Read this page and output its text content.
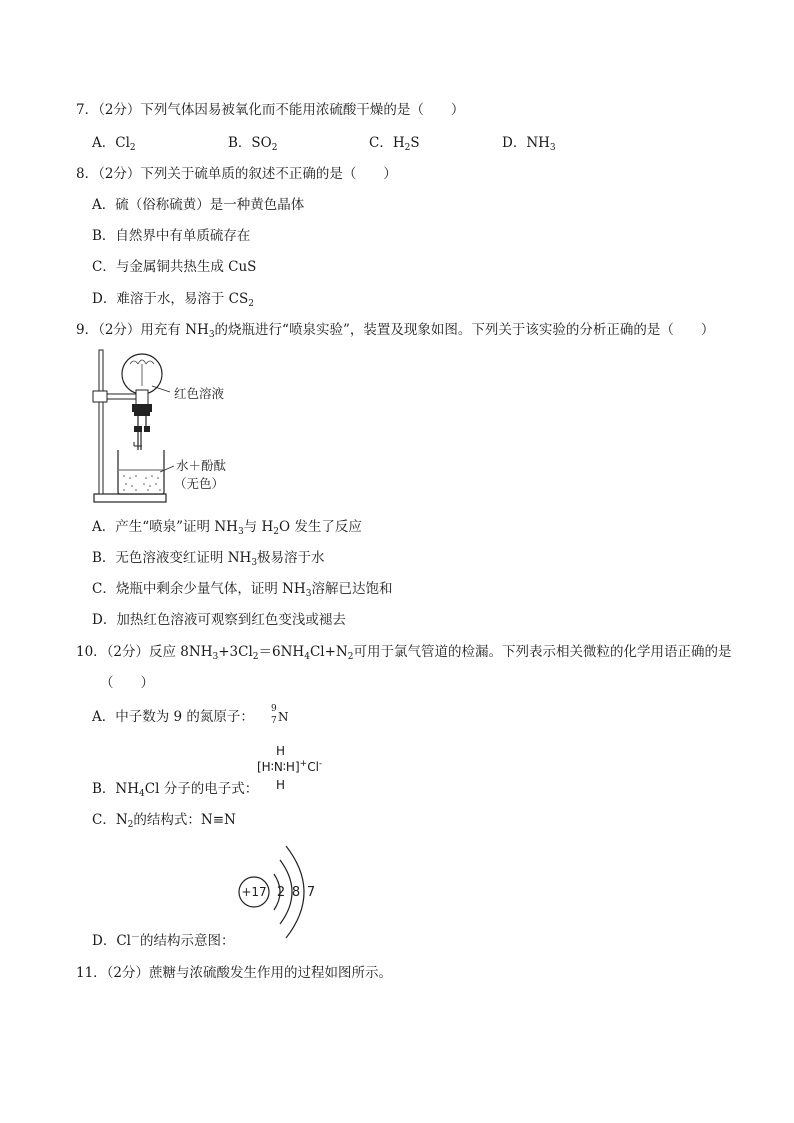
7．（2分）下列气体因易被氧化而不能用浓硫酸干燥的是（　　）
A．$Cl_2$	B．$SO_2$	C．$H_2S$	D．$NH_3$
8．（2分）下列关于硫单质的叙述不正确的是（　　）
A．硫（俗称硫黄）是一种黄色晶体
B．自然界中有单质硫存在
C．与金属铜共热生成 CuS
D．难溶于水，易溶于 $CS_2$
9．（2分）用充有 $NH_3$的烧瓶进行“喷泉实验”，装置及现象如图。下列关于该实验的分析正确的是（　　）
红色溶液
水＋酚酞
（无色）
A．产生“喷泉”证明 $NH_3$与 $H_2O$ 发生了反应
B．无色溶液变红证明 $NH_3$极易溶于水
C．烧瓶中剩余少量气体，证明 $NH_3$溶解已达饱和
D．加热红色溶液可观察到红色变浅或褪去
10．（2分）反应 $8NH_3+3Cl_2=6NH_4Cl+N_2$可用于氯气管道的检漏。下列表示相关微粒的化学用语正确的是
（　　）
A．中子数为 9 的氮原子： 9
7 N
H
[H∶N∶H]+Cl-
H
B．$NH_4Cl$ 分子的电子式：
C．$N_2$的结构式：N≡N
+17 2 8 7
D．Cl－的结构示意图：
11．（2分）蔗糖与浓硫酸发生作用的过程如图所示。
